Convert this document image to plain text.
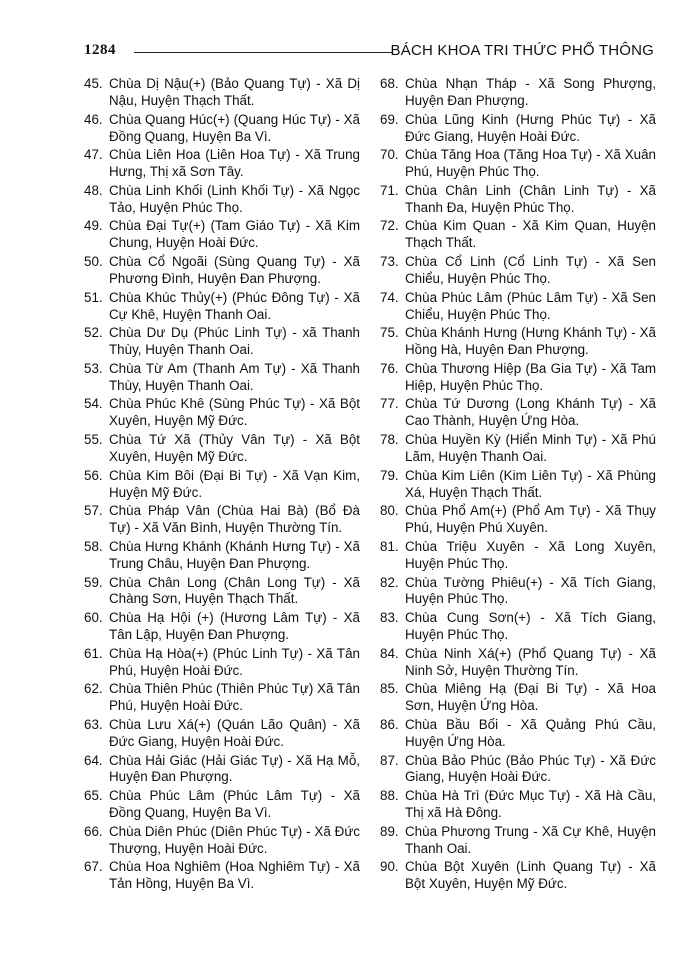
1284	BÁCH KHOA TRI THỨC PHỔ THÔNG
45. Chùa Dị Nậu(+) (Bảo Quang Tự) - Xã Dị Nậu, Huyện Thạch Thất.
46. Chùa Quang Húc(+) (Quang Húc Tự) - Xã Đồng Quang, Huyện Ba Vì.
47. Chùa Liên Hoa (Liên Hoa Tự) - Xã Trung Hưng, Thị xã Sơn Tây.
48. Chùa Linh Khối (Linh Khối Tự) - Xã Ngọc Tảo, Huyện Phúc Thọ.
49. Chùa Đại Tự(+) (Tam Giáo Tự) - Xã Kim Chung, Huyện Hoài Đức.
50. Chùa Cổ Ngoãi (Sùng Quang Tự) - Xã Phương Đình, Huyện Đan Phượng.
51. Chùa Khúc Thủy(+) (Phúc Đông Tự) - Xã Cự Khê, Huyện Thanh Oai.
52. Chùa Dư Dụ (Phúc Linh Tự) - xã Thanh Thùy, Huyện Thanh Oai.
53. Chùa Từ Am (Thanh Am Tự) - Xã Thanh Thùy, Huyện Thanh Oai.
54. Chùa Phúc Khê (Sùng Phúc Tự) - Xã Bột Xuyên, Huyện Mỹ Đức.
55. Chùa Tứ Xã (Thủy Vân Tự) - Xã Bột Xuyên, Huyện Mỹ Đức.
56. Chùa Kim Bôi (Đại Bi Tự) - Xã Vạn Kim, Huyện Mỹ Đức.
57. Chùa Pháp Vân (Chùa Hai Bà) (Bổ Đà Tự) - Xã Văn Bình, Huyện Thường Tín.
58. Chùa Hưng Khánh (Khánh Hưng Tự) - Xã Trung Châu, Huyện Đan Phượng.
59. Chùa Chân Long (Chân Long Tự) - Xã Chàng Sơn, Huyện Thạch Thất.
60. Chùa Hạ Hội (+) (Hương Lâm Tự) - Xã Tân Lập, Huyện Đan Phượng.
61. Chùa Hạ Hòa(+) (Phúc Linh Tự) - Xã Tân Phú, Huyện Hoài Đức.
62. Chùa Thiên Phúc (Thiên Phúc Tự) Xã Tân Phú, Huyện Hoài Đức.
63. Chùa Lưu Xá(+) (Quán Lão Quân) - Xã Đức Giang, Huyện Hoài Đức.
64. Chùa Hải Giác (Hải Giác Tự) - Xã Hạ Mỗ, Huyện Đan Phượng.
65. Chùa Phúc Lâm (Phúc Lâm Tự) - Xã Đồng Quang, Huyện Ba Vì.
66. Chùa Diên Phúc (Diên Phúc Tự) - Xã Đức Thượng, Huyện Hoài Đức.
67. Chùa Hoa Nghiêm (Hoa Nghiêm Tự) - Xã Tản Hồng, Huyện Ba Vì.
68. Chùa Nhạn Tháp - Xã Song Phượng, Huyện Đan Phượng.
69. Chùa Lũng Kinh (Hưng Phúc Tự) - Xã Đức Giang, Huyện Hoài Đức.
70. Chùa Tăng Hoa (Tăng Hoa Tự) - Xã Xuân Phú, Huyện Phúc Thọ.
71. Chùa Chân Linh (Chân Linh Tự) - Xã Thanh Đa, Huyện Phúc Thọ.
72. Chùa Kim Quan - Xã Kim Quan, Huyện Thạch Thất.
73. Chùa Cổ Linh (Cổ Linh Tự) - Xã Sen Chiểu, Huyện Phúc Thọ.
74. Chùa Phúc Lâm (Phúc Lâm Tự) - Xã Sen Chiểu, Huyện Phúc Thọ.
75. Chùa Khánh Hưng (Hưng Khánh Tự) - Xã Hồng Hà, Huyện Đan Phượng.
76. Chùa Thương Hiệp (Ba Gia Tự) - Xã Tam Hiệp, Huyện Phúc Thọ.
77. Chùa Tứ Dương (Long Khánh Tự) - Xã Cao Thành, Huyện Ứng Hòa.
78. Chùa Huyền Kỳ (Hiển Minh Tự) - Xã Phú Lãm, Huyện Thanh Oai.
79. Chùa Kim Liên (Kim Liên Tự) - Xã Phùng Xá, Huyện Thạch Thất.
80. Chùa Phổ Am(+) (Phổ Am Tự) - Xã Thụy Phú, Huyện Phú Xuyên.
81. Chùa Triệu Xuyên - Xã Long Xuyên, Huyện Phúc Thọ.
82. Chùa Tường Phiêu(+) - Xã Tích Giang, Huyện Phúc Thọ.
83. Chùa Cung Sơn(+) - Xã Tích Giang, Huyện Phúc Thọ.
84. Chùa Ninh Xá(+) (Phổ Quang Tự) - Xã Ninh Sở, Huyện Thường Tín.
85. Chùa Miêng Hạ (Đại Bi Tự) - Xã Hoa Sơn, Huyện Ứng Hòa.
86. Chùa Bầu Bối - Xã Quảng Phú Cầu, Huyện Ứng Hòa.
87. Chùa Bảo Phúc (Bảo Phúc Tự) - Xã Đức Giang, Huyện Hoài Đức.
88. Chùa Hà Trì (Đức Mục Tự) - Xã Hà Cầu, Thị xã Hà Đông.
89. Chùa Phương Trung - Xã Cự Khê, Huyện Thanh Oai.
90. Chùa Bột Xuyên (Linh Quang Tự) - Xã Bột Xuyên, Huyện Mỹ Đức.
